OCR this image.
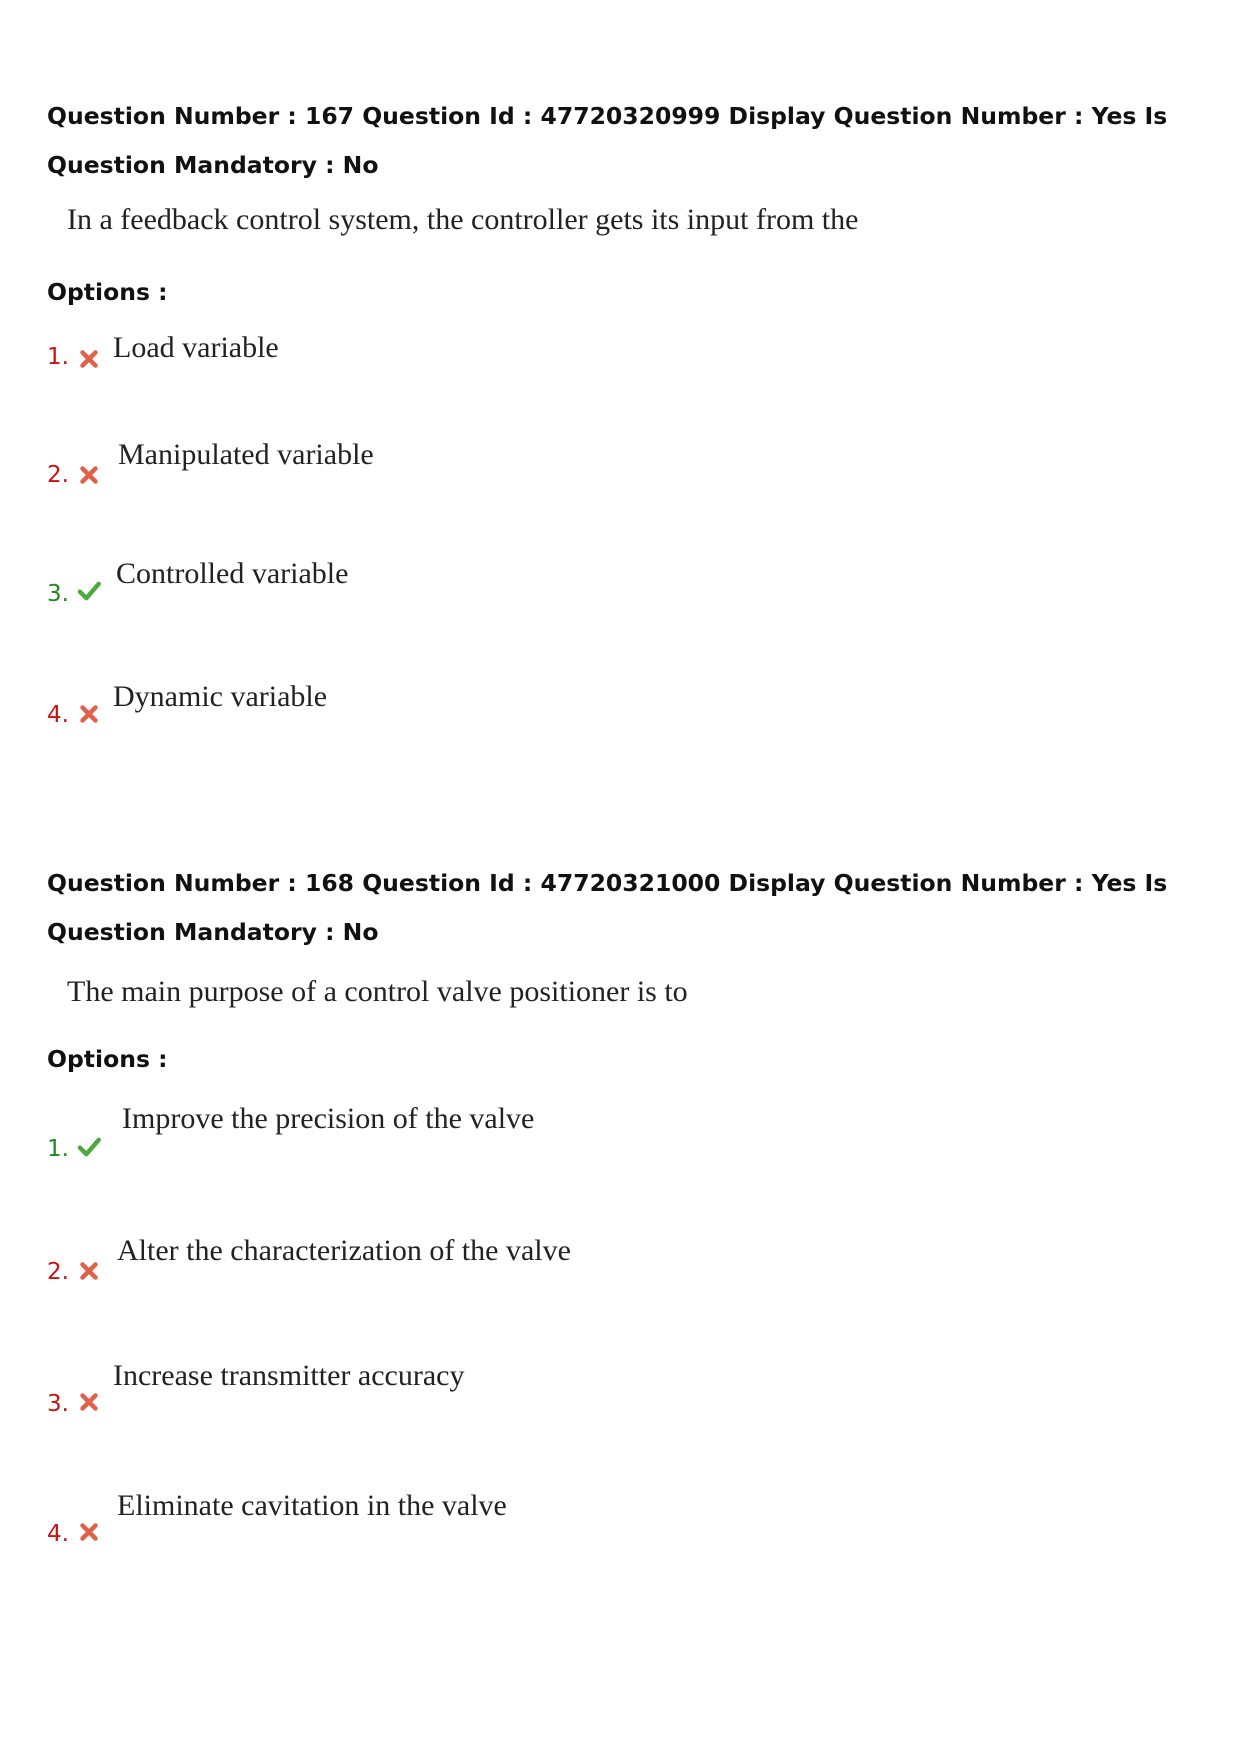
Question Number : 167 Question Id : 47720320999 Display Question Number : Yes Is Question Mandatory : No
In a feedback control system, the controller gets its input from the
Options :
1. Load variable
2.
Manipulated variable
3.
Controlled variable
4.
Dynamic variable
Question Number : 168 Question Id : 47720321000 Display Question Number : Yes Is Question Mandatory : No
The main purpose of a control valve positioner is to
Options :
1.
Improve the precision of the valve
2.
Alter the characterization of the valve
3.
Increase transmitter accuracy
4.
Eliminate cavitation in the valve
